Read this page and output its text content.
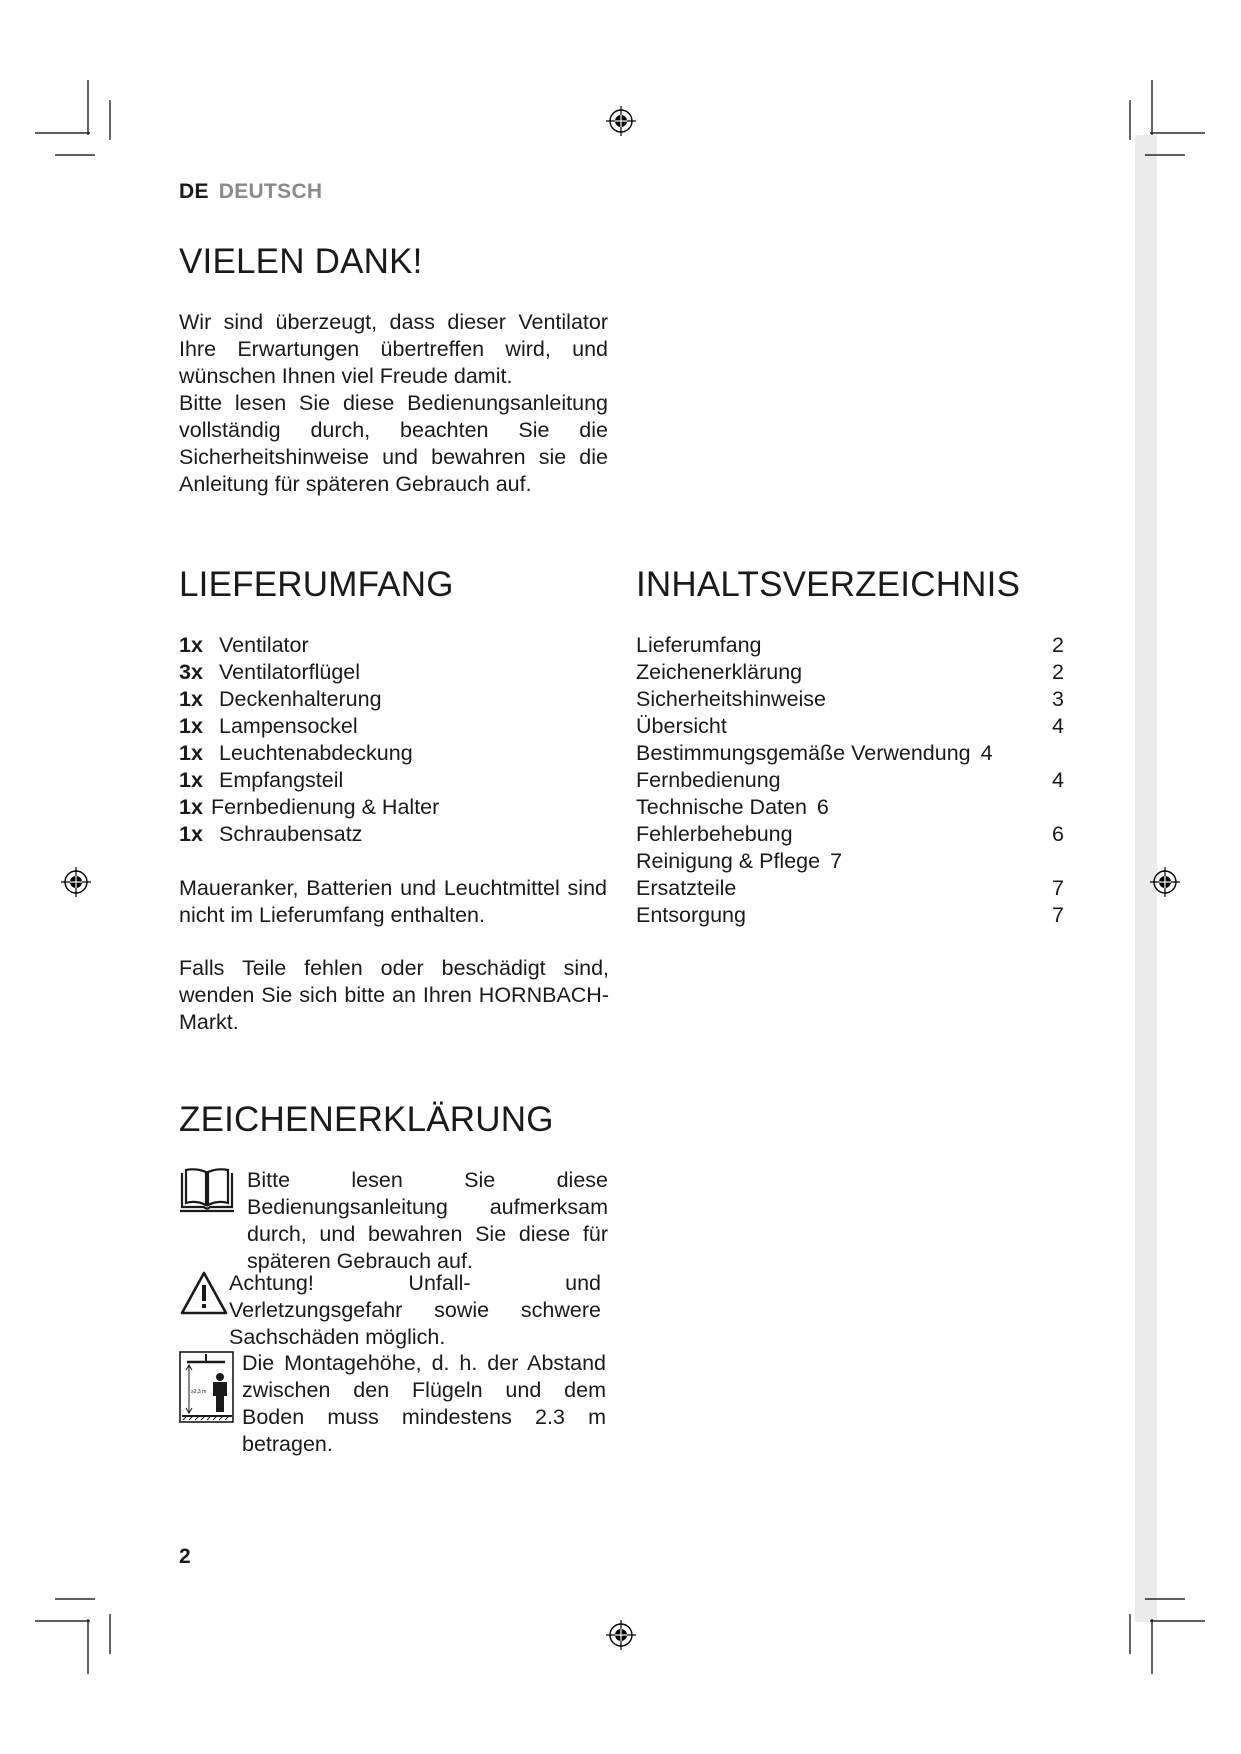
DE DEUTSCH
VIELEN DANK!

Wir sind überzeugt, dass dieser Ventilator Ihre Erwartungen übertreffen wird, und wünschen Ihnen viel Freude damit.

Bitte lesen Sie diese Bedienungsanleitung vollständig durch, beachten Sie die Sicherheitshinweise und bewahren sie die Anleitung für späteren Gebrauch auf.

LIEFERUMFANG
1x Ventilator
3x Ventilatorflügel
1x Deckenhalterung
1x Lampensockel
1x Leuchtenabdeckung
1x Empfangsteil
1x Fernbedienung & Halter
1x Schraubensatz
Maueranker, Batterien und Leuchtmittel sind nicht im Lieferumfang enthalten.
Falls Teile fehlen oder beschädigt sind, wenden Sie sich bitte an Ihren HORNBACH-Markt.
INHALTSVERZEICHNIS
Lieferumfang	2
Zeichenerklärung	2
Sicherheitshinweise	3
Übersicht	4
Bestimmungsgemäße Verwendung 4
Fernbedienung	4
Technische Daten 6
Fehlerbehebung	6
Reinigung & Pflege 7
Ersatzteile	7
Entsorgung	7
ZEICHENERKLÄRUNG
Bitte lesen Sie diese Bedienungsanleitung aufmerksam durch, und bewahren Sie diese für späteren Gebrauch auf.
Achtung! Unfall- und Verletzungsgefahr sowie schwere Sachschäden möglich.
≥2,3 m
Die Montagehöhe, d. h. der Abstand zwischen den Flügeln und dem Boden muss mindestens 2.3 m betragen.
2
